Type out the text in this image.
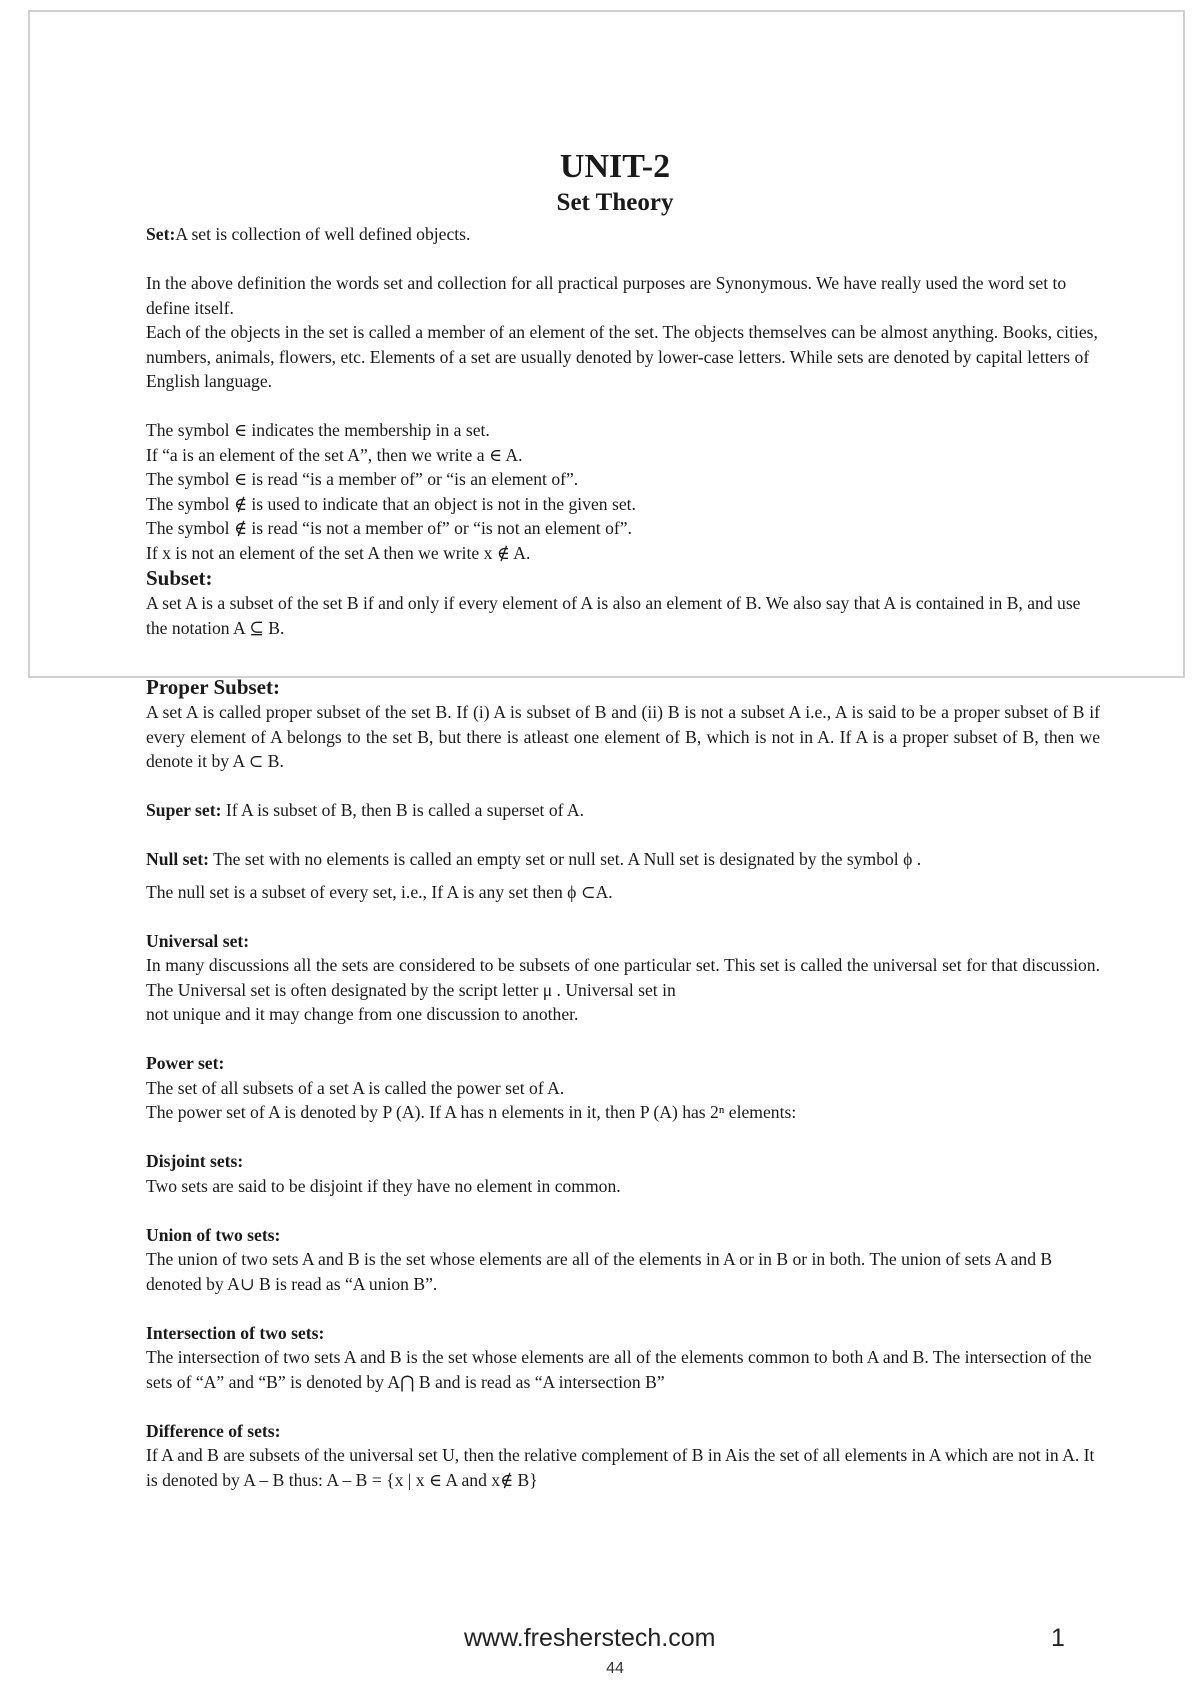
UNIT-2
Set Theory

Set:A set is collection of well defined objects.

In the above definition the words set and collection for all practical purposes are Synonymous. We have really used the word set to define itself.

Each of the objects in the set is called a member of an element of the set. The objects themselves can be almost anything. Books, cities, numbers, animals, flowers, etc. Elements of a set are usually denoted by lower-case letters. While sets are denoted by capital letters of English language.

The symbol ∈ indicates the membership in a set.

If “a is an element of the set A”, then we write a ∈ A.

The symbol ∈ is read “is a member of” or “is an element of”.

The symbol ∉ is used to indicate that an object is not in the given set.

The symbol ∉ is read “is not a member of” or “is not an element of”.

If x is not an element of the set A then we write x ∉ A.

Subset:

A set A is a subset of the set B if and only if every element of A is also an element of B. We also say that A is contained in B, and use the notation A ⊆ B.

Proper Subset:

A set A is called proper subset of the set B. If (i) A is subset of B and (ii) B is not a subset A i.e., A is said to be a proper subset of B if every element of A belongs to the set B, but there is atleast one element of B, which is not in A. If A is a proper subset of B, then we denote it by A ⊂ B.

Super set: If A is subset of B, then B is called a superset of A.

Null set: The set with no elements is called an empty set or null set. A Null set is designated by the symbol ϕ .

The null set is a subset of every set, i.e., If A is any set then ϕ ⊂A.

Universal set:

In many discussions all the sets are considered to be subsets of one particular set. This set is called the universal set for that discussion. The Universal set is often designated by the script letter μ . Universal set in

not unique and it may change from one discussion to another.

Power set:

The set of all subsets of a set A is called the power set of A.

The power set of A is denoted by P (A). If A has n elements in it, then P (A) has 2ⁿ elements:

Disjoint sets:

Two sets are said to be disjoint if they have no element in common.

Union of two sets:

The union of two sets A and B is the set whose elements are all of the elements in A or in B or in both. The union of sets A and B denoted by A∪ B is read as “A union B”.

Intersection of two sets:

The intersection of two sets A and B is the set whose elements are all of the elements common to both A and B. The intersection of the sets of “A” and “B” is denoted by A⋂ B and is read as “A intersection B”

Difference of sets:

If A and B are subsets of the universal set U, then the relative complement of B in Ais the set of all elements in A which are not in A. It is denoted by A – B thus: A – B = {x | x ∈ A and x∉ B}

www.fresherstech.com	1
44
